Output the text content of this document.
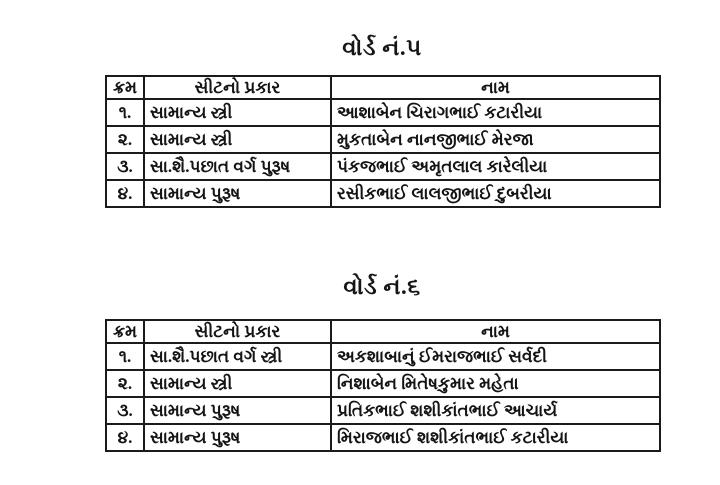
વોર્ડ નં.૫
ક્રમ	સીટનો પ્રકાર	નામ
૧.	સામાન્ય સ્ત્રી	આશાબેન ચિરાગભાઈ કટારીયા
૨.	સામાન્ય સ્ત્રી	મુકતાબેન નાનજીભાઈ મેરજા
૩.	સા.શૈ.પછાત વર્ગ પુરૂષ	પંકજભાઈ અમૃતલાલ કારેલીયા
૪.	સામાન્ય પુરૂષ	રસીકભાઈ લાલજીભાઈ દુબરીયા
વોર્ડ નં.૬
ક્રમ	સીટનો પ્રકાર	નામ
૧.	સા.શૈ.પછાત વર્ગ સ્ત્રી	અકશાબાનું ઈમરાજભાઈ સર્વદી
૨.	સામાન્ય સ્ત્રી	નિશાબેન મિતેષકુમાર મહેતા
૩.	સામાન્ય પુરૂષ	પ્રતિકભાઈ શશીકાંતભાઈ આચાર્ય
૪.	સામાન્ય પુરૂષ	મિરાજભાઈ શશીકાંતભાઈ કટારીયા
